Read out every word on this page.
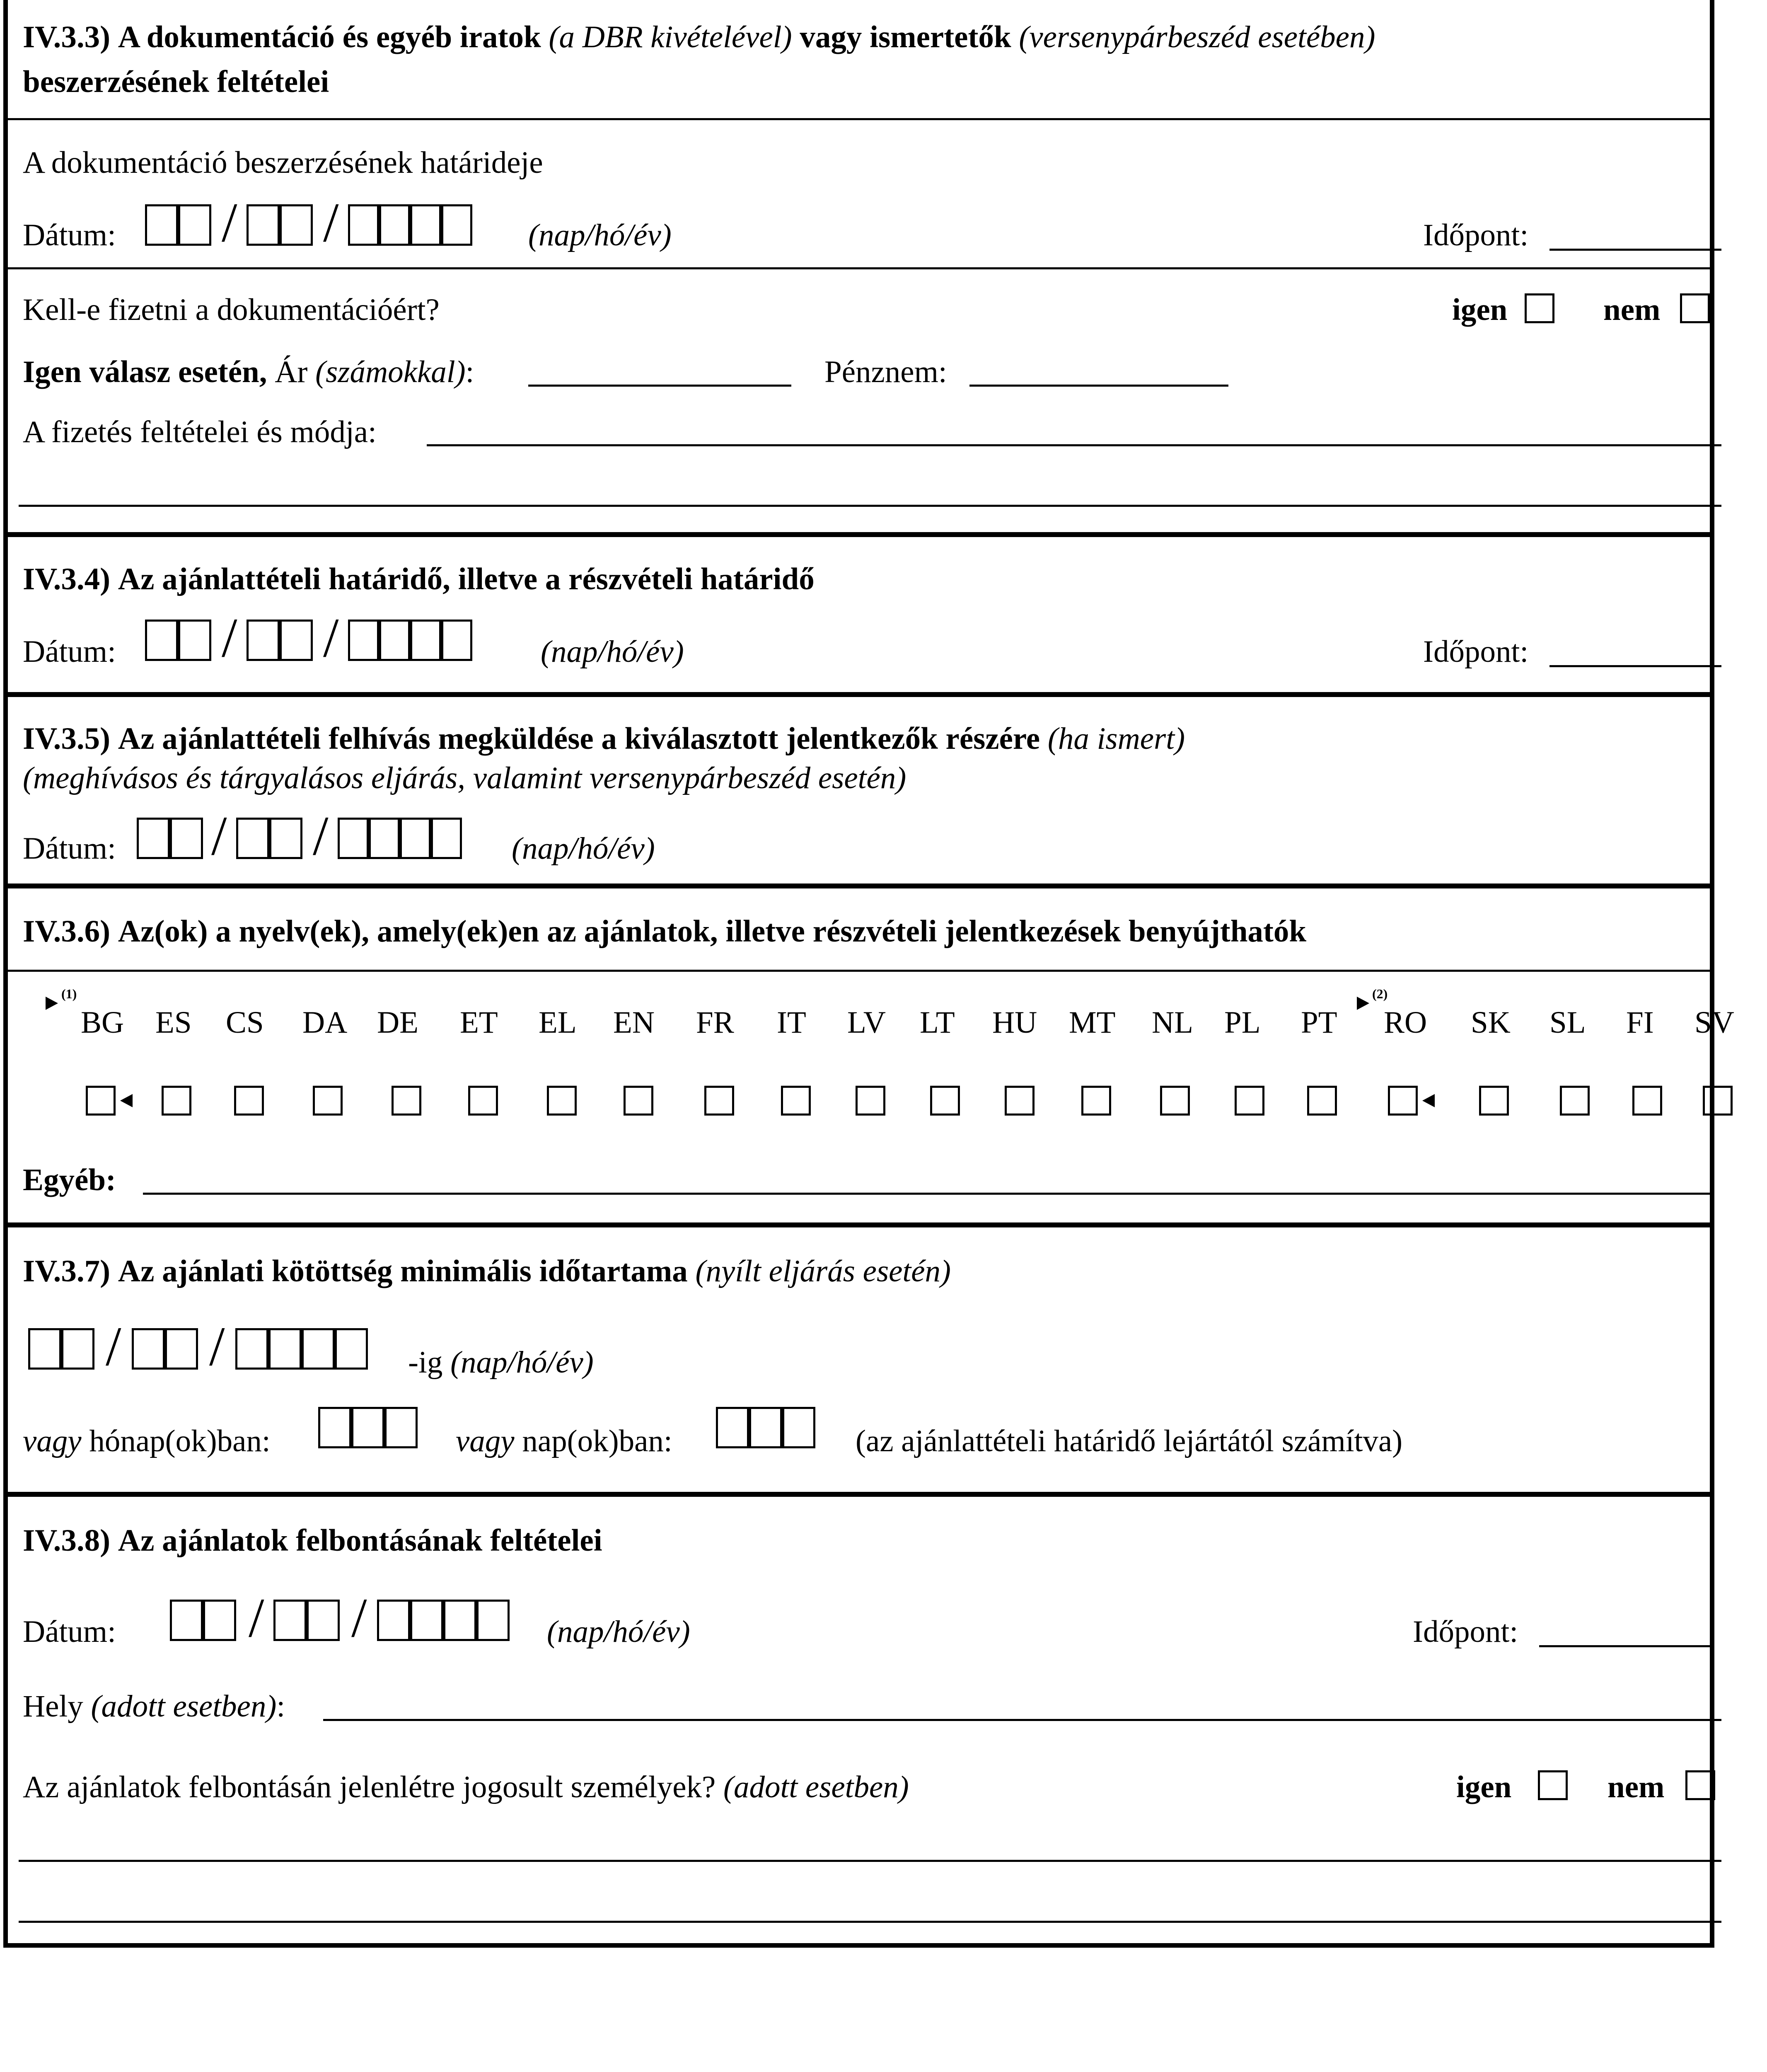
IV.3.3) A dokumentáció és egyéb iratok (a DBR kivételével) vagy ismertetők (versenypárbeszéd esetében)
beszerzésének feltételei
A dokumentáció beszerzésének határideje
Dátum: / /	(nap/hó/év)	Időpont:
Kell-e fizetni a dokumentációért?	igen	nem
Igen válasz esetén, Ár (számokkal):	Pénznem:
A fizetés feltételei és módja:
IV.3.4) Az ajánlattételi határidő, illetve a részvételi határidő
Dátum: / /	(nap/hó/év)	Időpont:
IV.3.5) Az ajánlattételi felhívás megküldése a kiválasztott jelentkezők részére (ha ismert)
(meghívásos és tárgyalásos eljárás, valamint versenypárbeszéd esetén)
Dátum: / /	(nap/hó/év)
IV.3.6) Az(ok) a nyelv(ek), amely(ek)en az ajánlatok, illetve részvételi jelentkezések benyújthatók
(1)	(2)
BG ES CS DA DE ET EL EN FR IT LV LT HU MT NL PL PT RO SK SL FI SV
Egyéb:
IV.3.7) Az ajánlati kötöttség minimális időtartama (nyílt eljárás esetén)
/ /	-ig (nap/hó/év)
vagy hónap(ok)ban:	vagy nap(ok)ban:	(az ajánlattételi határidő lejártától számítva)
IV.3.8) Az ajánlatok felbontásának feltételei
Dátum: / /	(nap/hó/év)	Időpont:
Hely (adott esetben):
Az ajánlatok felbontásán jelenlétre jogosult személyek? (adott esetben)	igen	nem
